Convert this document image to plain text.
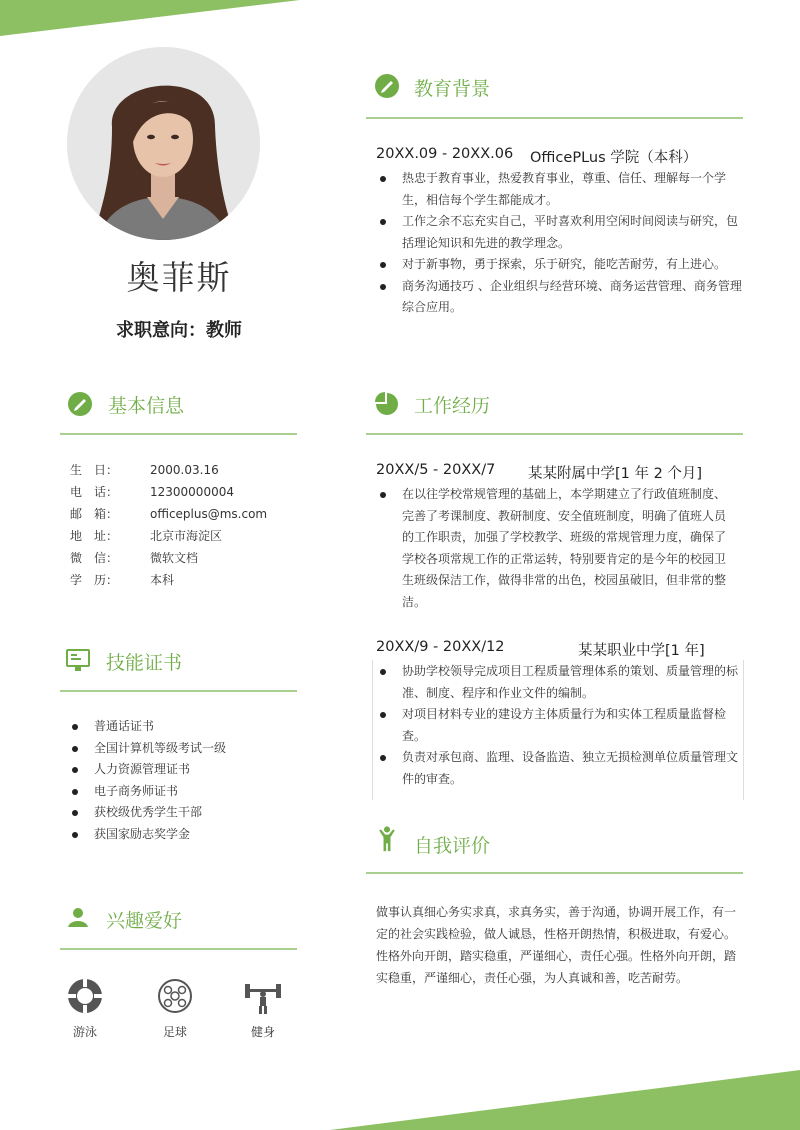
奥菲斯
求职意向：教师
基本信息
生　日：	2000.03.16
电　话：	12300000004
邮　箱：	officeplus@ms.com
地　址：	北京市海淀区
微　信：	微软文档
学　历：	本科
技能证书
普通话证书
全国计算机等级考试一级
人力资源管理证书
电子商务师证书
获校级优秀学生干部
获国家励志奖学金
兴趣爱好
游泳	足球	健身
教育背景
20XX.09 - 20XX.06 OfficePLus 学院（本科）
热忠于教育事业，热爱教育事业，尊重、信任、理解每一个学生，相信每个学生都能成才。
工作之余不忘充实自己，平时喜欢利用空闲时间阅读与研究，包括理论知识和先进的教学理念。
对于新事物，勇于探索，乐于研究，能吃苦耐劳，有上进心。
商务沟通技巧 、企业组织与经营环境、商务运营管理、商务管理综合应用。
工作经历
20XX/5 - 20XX/7 某某附属中学[1 年 2 个月]
在以往学校常规管理的基础上，本学期建立了行政值班制度、完善了考课制度、教研制度、安全值班制度，明确了值班人员的工作职责，加强了学校教学、班级的常规管理力度，确保了学校各项常规工作的正常运转，特别要肯定的是今年的校园卫生班级保洁工作，做得非常的出色，校园虽破旧，但非常的整洁。
20XX/9 - 20XX/12	某某职业中学[1 年]
协助学校领导完成项目工程质量管理体系的策划、质量管理的标准、制度、程序和作业文件的编制。
对项目材料专业的建设方主体质量行为和实体工程质量监督检查。
负责对承包商、监理、设备监造、独立无损检测单位质量管理文件的审查。
自我评价
做事认真细心务实求真，求真务实，善于沟通，协调开展工作，有一定的社会实践检验，做人诚恳，性格开朗热情，积极进取，有爱心。性格外向开朗，踏实稳重，严谨细心，责任心强。性格外向开朗，踏实稳重，严谨细心，责任心强，为人真诚和善，吃苦耐劳。
